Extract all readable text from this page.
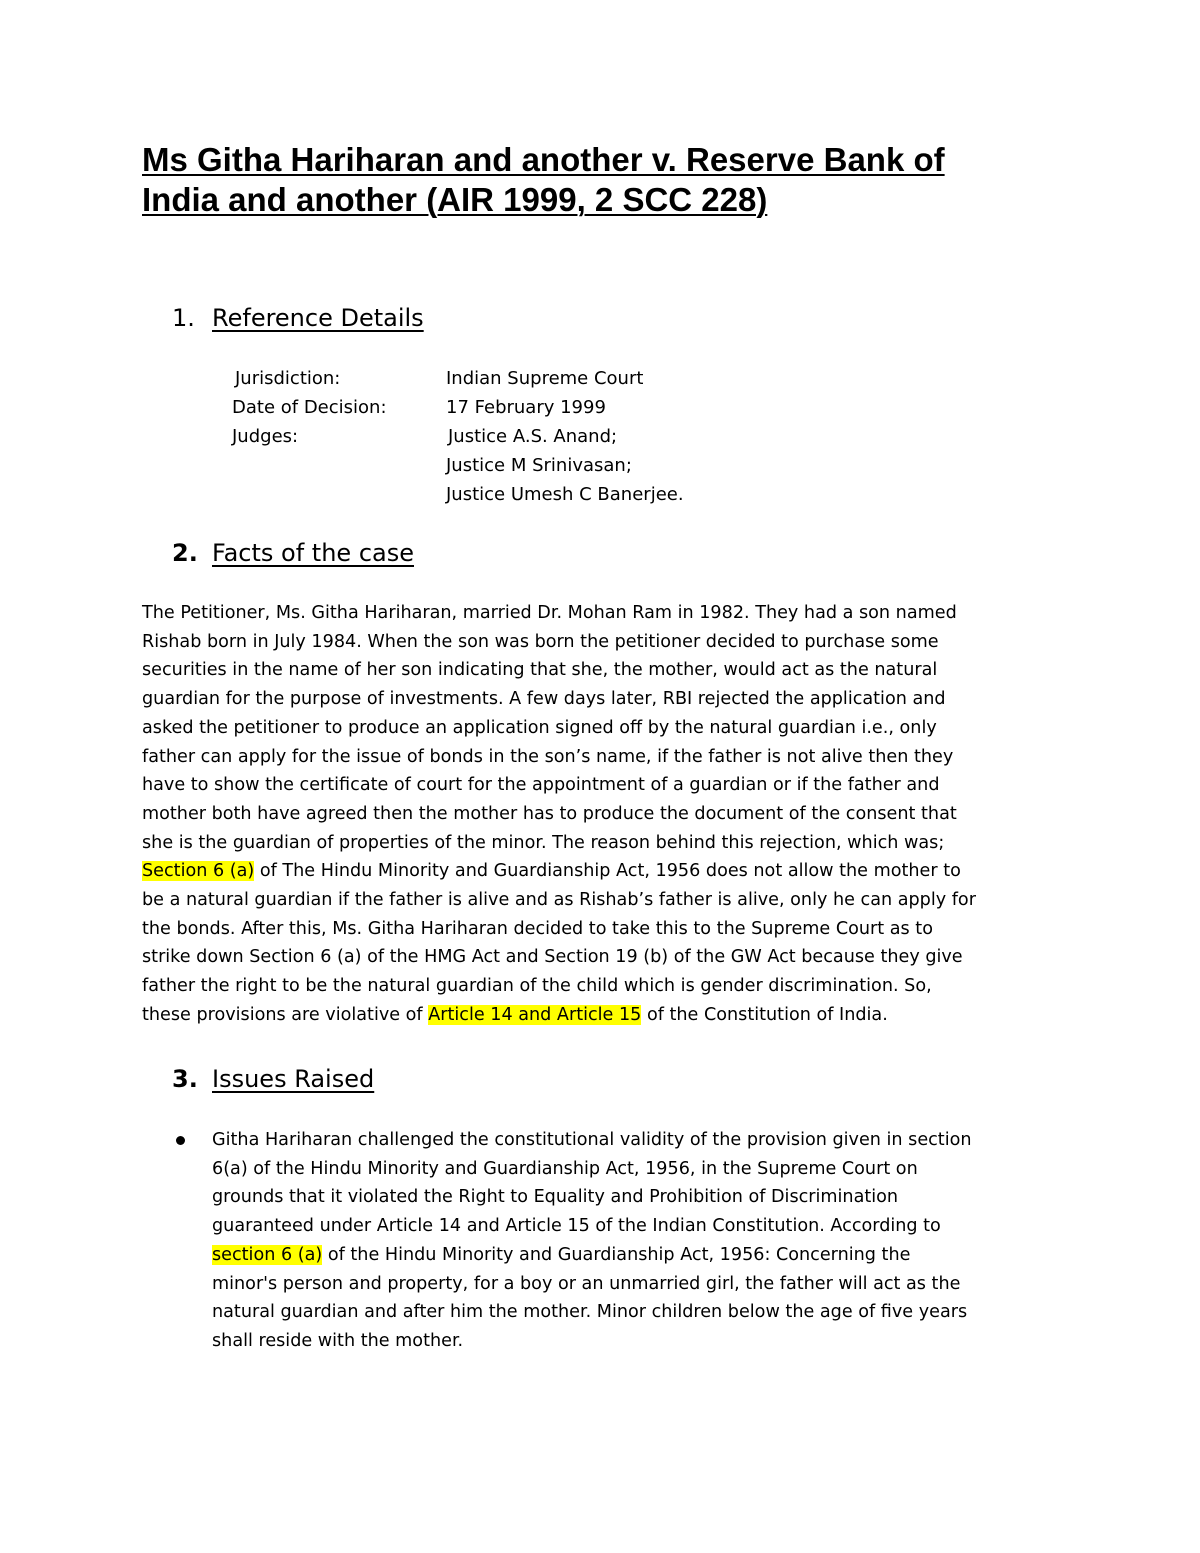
Ms Githa Hariharan and another v. Reserve Bank of
India and another (AIR 1999, 2 SCC 228)
1. Reference Details
Jurisdiction:	Indian Supreme Court
Date of Decision:	17 February 1999
Judges:	Justice A.S. Anand;
Justice M Srinivasan;
Justice Umesh C Banerjee.
2. Facts of the case
The Petitioner, Ms. Githa Hariharan, married Dr. Mohan Ram in 1982. They had a son named
Rishab born in July 1984. When the son was born the petitioner decided to purchase some
securities in the name of her son indicating that she, the mother, would act as the natural
guardian for the purpose of investments. A few days later, RBI rejected the application and
asked the petitioner to produce an application signed off by the natural guardian i.e., only
father can apply for the issue of bonds in the son’s name, if the father is not alive then they
have to show the certificate of court for the appointment of a guardian or if the father and
mother both have agreed then the mother has to produce the document of the consent that
she is the guardian of properties of the minor. The reason behind this rejection, which was;
Section 6 (a) of The Hindu Minority and Guardianship Act, 1956 does not allow the mother to
be a natural guardian if the father is alive and as Rishab’s father is alive, only he can apply for
the bonds. After this, Ms. Githa Hariharan decided to take this to the Supreme Court as to
strike down Section 6 (a) of the HMG Act and Section 19 (b) of the GW Act because they give
father the right to be the natural guardian of the child which is gender discrimination. So,
these provisions are violative of Article 14 and Article 15 of the Constitution of India.
3. Issues Raised
Githa Hariharan challenged the constitutional validity of the provision given in section
6(a) of the Hindu Minority and Guardianship Act, 1956, in the Supreme Court on
grounds that it violated the Right to Equality and Prohibition of Discrimination
guaranteed under Article 14 and Article 15 of the Indian Constitution. According to
section 6 (a) of the Hindu Minority and Guardianship Act, 1956: Concerning the
minor's person and property, for a boy or an unmarried girl, the father will act as the
natural guardian and after him the mother. Minor children below the age of five years
shall reside with the mother.
